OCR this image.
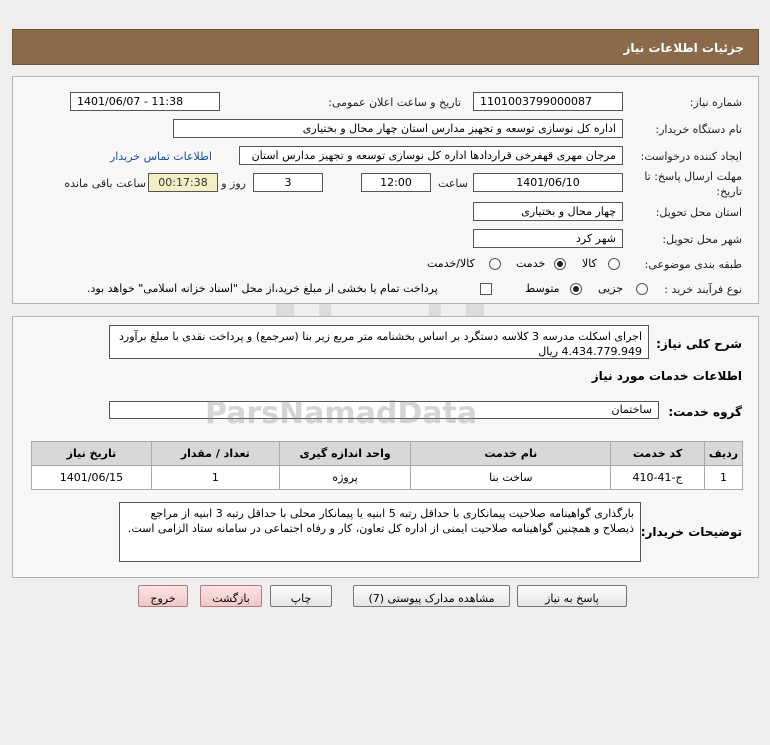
جزئیات اطلاعات نیاز
شماره نیاز:
1101003799000087
تاریخ و ساعت اعلان عمومی:
1401/06/07 - 11:38
نام دستگاه خریدار:
اداره کل نوسازی توسعه و تجهیز مدارس استان چهار محال و بختیاری
ایجاد کننده درخواست:
مرجان مهری قهفرخی قراردادها اداره کل نوسازی توسعه و تجهیز مدارس استان
اطلاعات تماس خریدار
مهلت ارسال پاسخ: تا تاریخ:
1401/06/10
ساعت
12:00
3
روز و
00:17:38
ساعت باقی مانده
استان محل تحویل:
چهار محال و بختیاری
شهر محل تحویل:
شهر کرد
طبقه بندی موضوعی:
کالا
خدمت
کالا/خدمت
نوع فرآیند خرید :
جزیی
متوسط
پرداخت تمام یا بخشی از مبلغ خرید،از محل "اسناد خزانه اسلامی" خواهد بود.
شرح کلی نیاز:
اجرای اسکلت مدرسه 3 کلاسه دستگرد بر اساس بخشنامه متر مربع زیر بنا (سرجمع) و پرداخت نقدی با مبلغ برآورد 4.434.779.949 ریال
اطلاعات خدمات مورد نیاز
گروه خدمت:
ساختمان
ردیف	کد خدمت	نام خدمت	واحد اندازه گیری	تعداد / مقدار	تاریخ نیاز
1	ج-41-410	ساخت بنا	پروژه	1	1401/06/15
توضیحات خریدار:
بارگذاری گواهینامه صلاحیت پیمانکاری با حداقل رتبه 5 ابنیه یا پیمانکار محلی با حداقل رتبه 3 ابنیه از مراجع ذیصلاح و همچنین گواهینامه صلاحیت ایمنی از اداره کل تعاون، کار و رفاه اجتماعی در سامانه ستاد الزامی است.
ParsNamadData
پاسخ به نیاز
مشاهده مدارک پیوستی (7)
چاپ
بازگشت
خروج
